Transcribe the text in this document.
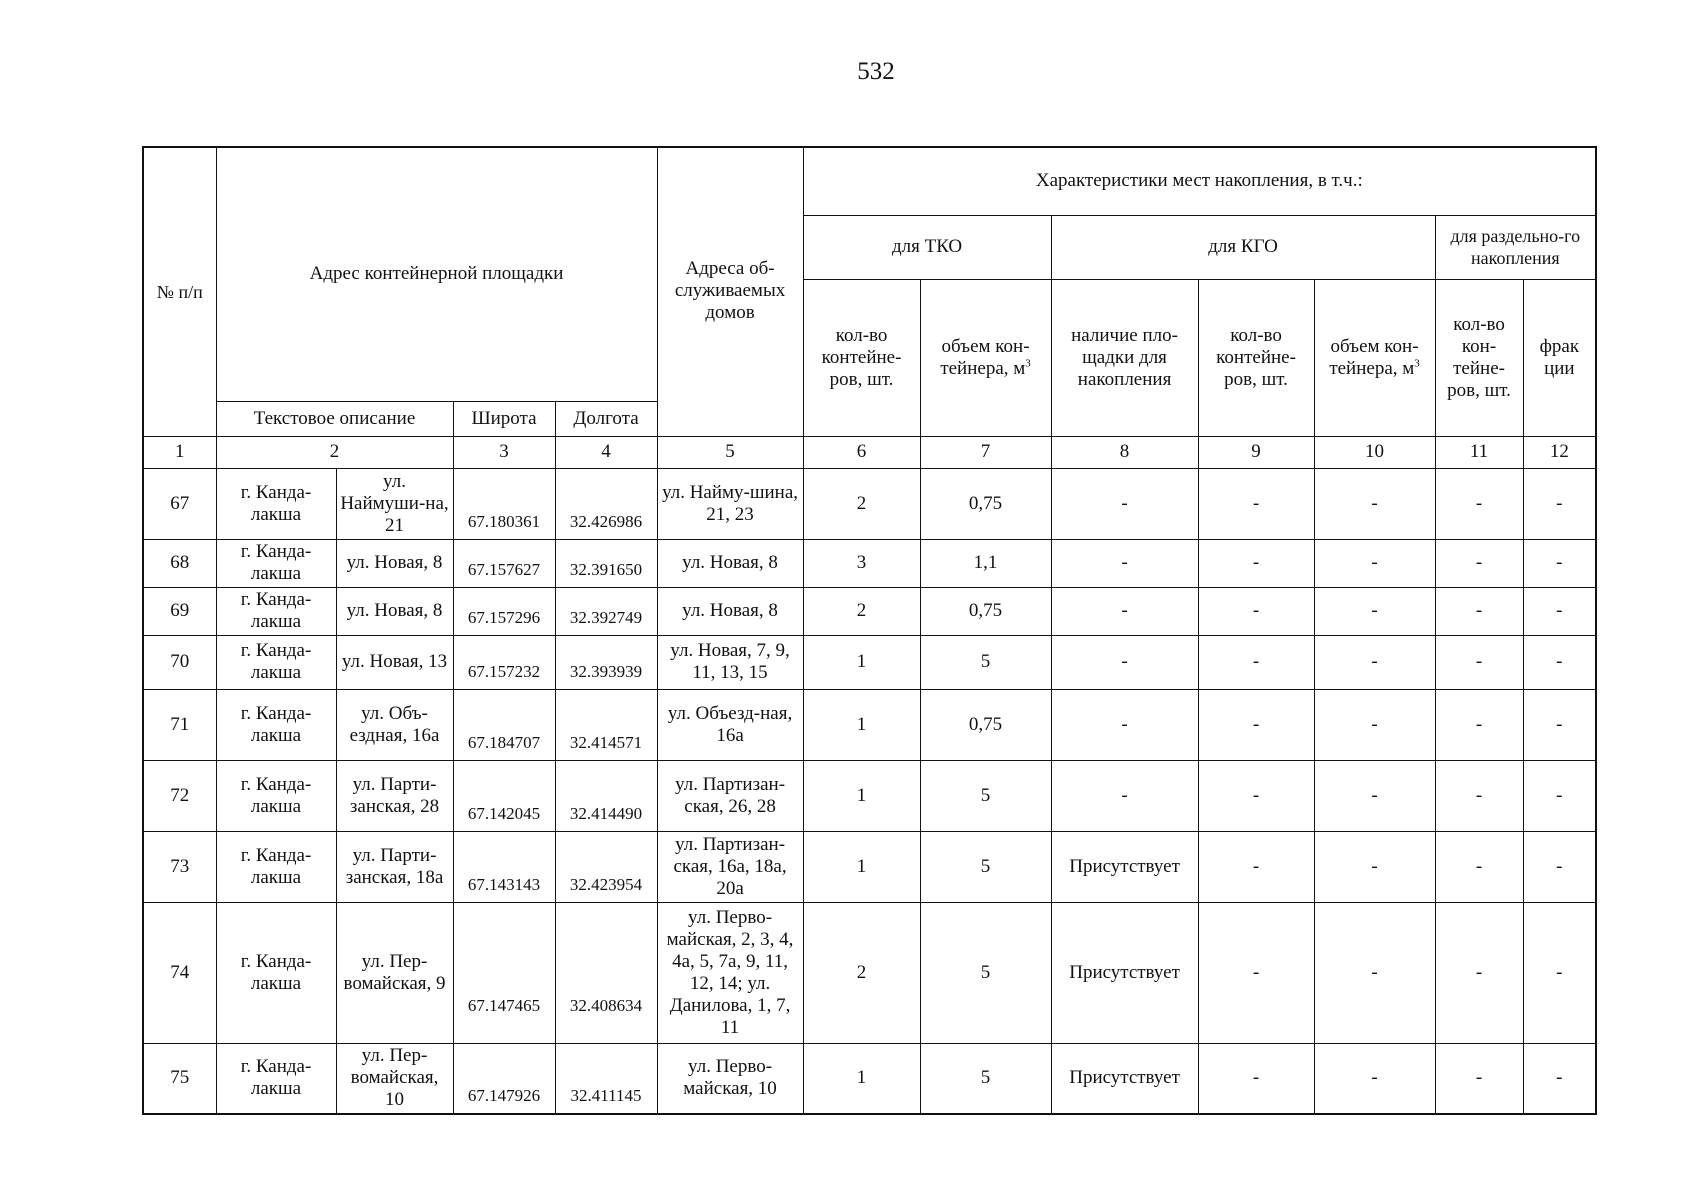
532
№ п/п	Адрес контейнерной площадки				Адреса об-служиваемых домов	Характеристики мест накопления, в т.ч.:						
						для ТКО		для КГО			для раздельно-го накопления	
						кол-во контейне-ров, шт.	объем кон-тейнера, $м^3$	наличие пло-щадки для накопления	кол-во контейне-ров, шт.	объем кон-тейнера, $м^3$	кол-во кон-тейне-ров, шт.	фрак ции
	Текстовое описание		Широта	Долгота								
1	2		3	4	5	6	7	8	9	10	11	12
67	г. Канда-лакша	ул. Наймуши-на, 21	67.180361	32.426986	ул. Найму-шина, 21, 23	2	0,75	-	-	-	-	-
68	г. Канда-лакша	ул. Новая, 8	67.157627	32.391650	ул. Новая, 8	3	1,1	-	-	-	-	-
69	г. Канда-лакша	ул. Новая, 8	67.157296	32.392749	ул. Новая, 8	2	0,75	-	-	-	-	-
70	г. Канда-лакша	ул. Новая, 13	67.157232	32.393939	ул. Новая, 7, 9, 11, 13, 15	1	5	-	-	-	-	-
71	г. Канда-лакша	ул. Объ-ездная, 16а	67.184707	32.414571	ул. Объезд-ная, 16а	1	0,75	-	-	-	-	-
72	г. Канда-лакша	ул. Парти-занская, 28	67.142045	32.414490	ул. Партизан-ская, 26, 28	1	5	-	-	-	-	-
73	г. Канда-лакша	ул. Парти-занская, 18а	67.143143	32.423954	ул. Партизан-ская, 16а, 18а, 20а	1	5	Присутствует	-	-	-	-
74	г. Канда-лакша	ул. Пер-вомайская, 9	67.147465	32.408634	ул. Перво-майская, 2, 3, 4, 4а, 5, 7а, 9, 11, 12, 14; ул. Данилова, 1, 7, 11	2	5	Присутствует	-	-	-	-
75	г. Канда-лакша	ул. Пер-вомайская, 10	67.147926	32.411145	ул. Перво-майская, 10	1	5	Присутствует	-	-	-	-
